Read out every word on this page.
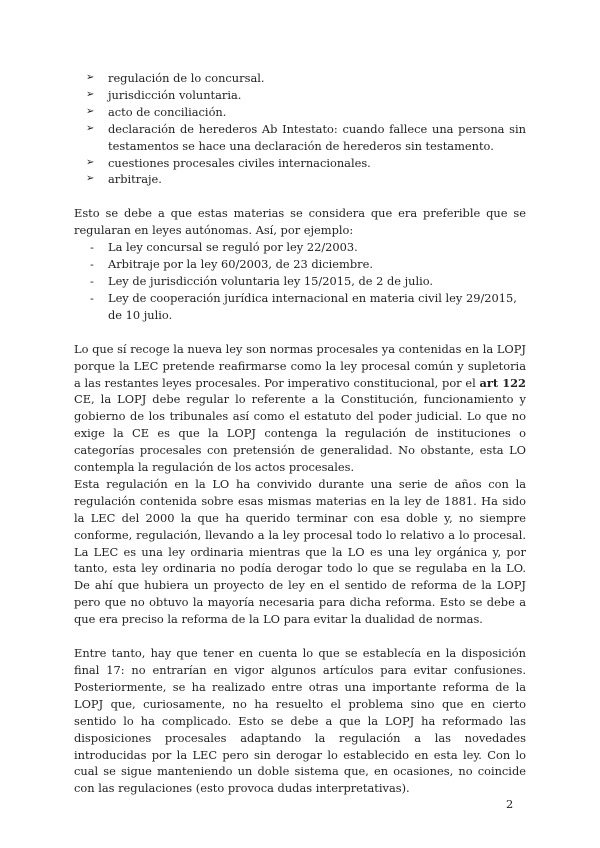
➢ regulación de lo concursal.
➢ jurisdicción voluntaria.
➢ acto de conciliación.
➢ declaración de herederos Ab Intestato: cuando fallece una persona sin testamentos se hace una declaración de herederos sin testamento.
➢ cuestiones procesales civiles internacionales.
➢ arbitraje.

Esto se debe a que estas materias se considera que era preferible que se regularan en leyes autónomas. Así, por ejemplo:

- La ley concursal se reguló por ley 22/2003.
- Arbitraje por la ley 60/2003, de 23 diciembre.
- Ley de jurisdicción voluntaria ley 15/2015, de 2 de julio.
- Ley de cooperación jurídica internacional en materia civil ley 29/2015, de 10 julio.

Lo que sí recoge la nueva ley son normas procesales ya contenidas en la LOPJ porque la LEC pretende reafirmarse como la ley procesal común y supletoria a las restantes leyes procesales. Por imperativo constitucional, por el art 122 CE, la LOPJ debe regular lo referente a la Constitución, funcionamiento y gobierno de los tribunales así como el estatuto del poder judicial. Lo que no exige la CE es que la LOPJ contenga la regulación de instituciones o categorías procesales con pretensión de generalidad. No obstante, esta LO contempla la regulación de los actos procesales.

Esta regulación en la LO ha convivido durante una serie de años con la regulación contenida sobre esas mismas materias en la ley de 1881. Ha sido la LEC del 2000 la que ha querido terminar con esa doble y, no siempre conforme, regulación, llevando a la ley procesal todo lo relativo a lo procesal. La LEC es una ley ordinaria mientras que la LO es una ley orgánica y, por tanto, esta ley ordinaria no podía derogar todo lo que se regulaba en la LO. De ahí que hubiera un proyecto de ley en el sentido de reforma de la LOPJ pero que no obtuvo la mayoría necesaria para dicha reforma. Esto se debe a que era preciso la reforma de la LO para evitar la dualidad de normas.

Entre tanto, hay que tener en cuenta lo que se establecía en la disposición final 17: no entrarían en vigor algunos artículos para evitar confusiones. Posteriormente, se ha realizado entre otras una importante reforma de la LOPJ que, curiosamente, no ha resuelto el problema sino que en cierto sentido lo ha complicado. Esto se debe a que la LOPJ ha reformado las disposiciones procesales adaptando la regulación a las novedades introducidas por la LEC pero sin derogar lo establecido en esta ley. Con lo cual se sigue manteniendo un doble sistema que, en ocasiones, no coincide con las regulaciones (esto provoca dudas interpretativas).

2
